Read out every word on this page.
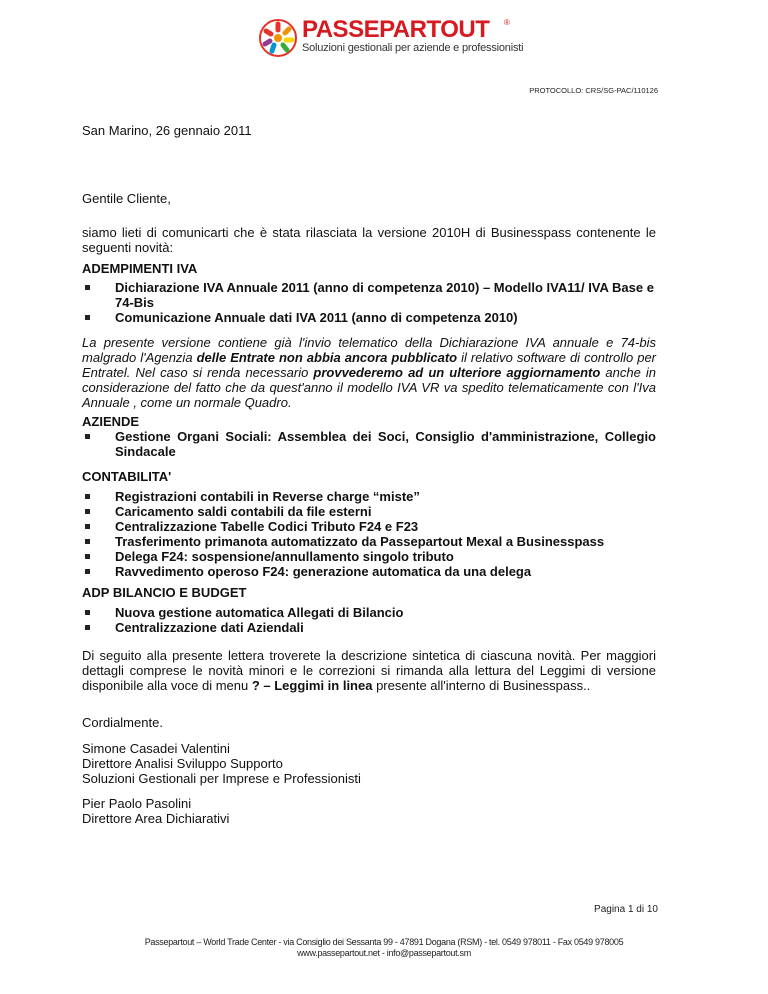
PASSEPARTOUT ®
Soluzioni gestionali per aziende e professionisti
PROTOCOLLO: CRS/SG-PAC/110126
San Marino, 26 gennaio 2011
Gentile Cliente,
siamo lieti di comunicarti che è stata rilasciata la versione 2010H di Businesspass contenente le seguenti novità:
ADEMPIMENTI IVA
Dichiarazione IVA Annuale 2011 (anno di competenza 2010) – Modello IVA11/ IVA Base e 74-Bis
Comunicazione Annuale dati IVA 2011 (anno di competenza 2010)
La presente versione contiene già l'invio telematico della Dichiarazione IVA annuale e 74-bis malgrado l'Agenzia delle Entrate non abbia ancora pubblicato il relativo software di controllo per Entratel. Nel caso si renda necessario provvederemo ad un ulteriore aggiornamento anche in considerazione del fatto che da quest'anno il modello IVA VR va spedito telematicamente con l'Iva Annuale , come un normale Quadro.
AZIENDE
Gestione Organi Sociali: Assemblea dei Soci, Consiglio d'amministrazione, Collegio Sindacale
CONTABILITA'
Registrazioni contabili in Reverse charge “miste”
Caricamento saldi contabili da file esterni
Centralizzazione Tabelle Codici Tributo F24 e F23
Trasferimento primanota automatizzato da Passepartout Mexal a Businesspass
Delega F24: sospensione/annullamento singolo tributo
Ravvedimento operoso F24: generazione automatica da una delega
ADP BILANCIO E BUDGET
Nuova gestione automatica Allegati di Bilancio
Centralizzazione dati Aziendali
Di seguito alla presente lettera troverete la descrizione sintetica di ciascuna novità. Per maggiori dettagli comprese le novità minori e le correzioni si rimanda alla lettura del Leggimi di versione disponibile alla voce di menu ? – Leggimi in linea presente all'interno di Businesspass..
Cordialmente.
Simone Casadei Valentini
Direttore Analisi Sviluppo Supporto
Soluzioni Gestionali per Imprese e Professionisti
Pier Paolo Pasolini
Direttore Area Dichiarativi
Pagina 1 di 10
Passepartout – World Trade Center - via Consiglio dei Sessanta 99 - 47891 Dogana (RSM) - tel. 0549 978011 - Fax 0549 978005
www.passepartout.net - info@passepartout.sm
